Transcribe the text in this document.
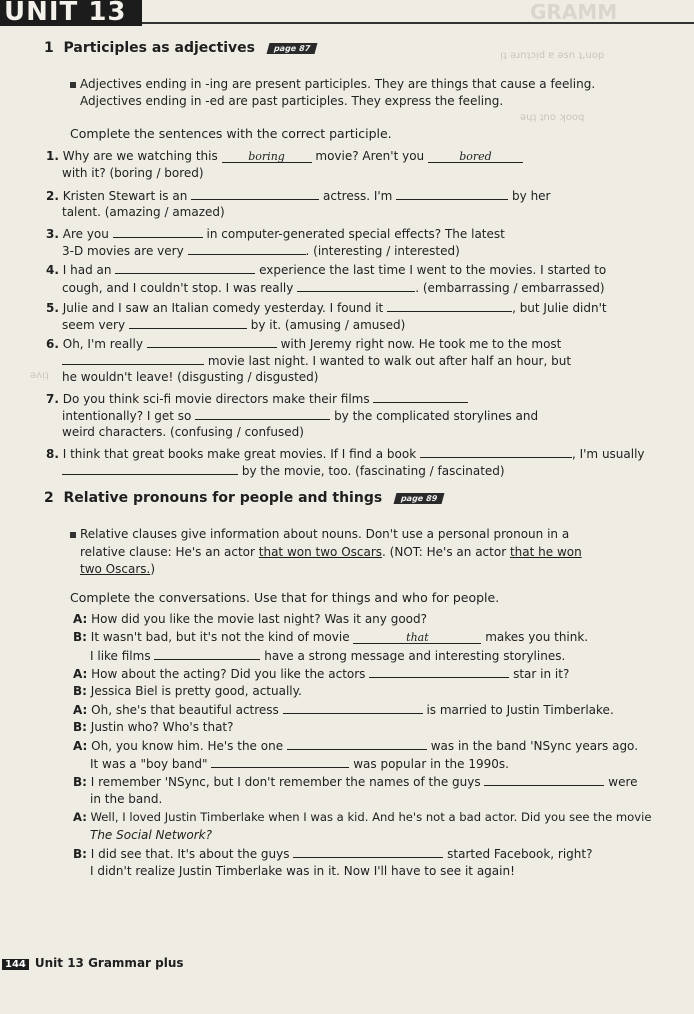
UNIT 13	GRAMM
ᴉʇ ǝɹnʇɔᴉd ɐ ǝsn ʇ,uop
ǝɥʇ ʇno ʞooq
ǝʌᴉʇ
1 Participles as adjectives page 87
Adjectives ending in -ing are present participles. They are things that cause a feeling.
Adjectives ending in -ed are past participles. They express the feeling.
Complete the sentences with the correct participle.
1. Why are we watching this	boring	movie? Aren't you	bored
with it? (boring / bored)
2. Kristen Stewart is an	actress. I'm	by her
talent. (amazing / amazed)
3. Are you	in computer-generated special effects? The latest
3-D movies are very	. (interesting / interested)
4. I had an	experience the last time I went to the movies. I started to
cough, and I couldn't stop. I was really	. (embarrassing / embarrassed)
5. Julie and I saw an Italian comedy yesterday. I found it	, but Julie didn't
seem very	by it. (amusing / amused)
6. Oh, I'm really	with Jeremy right now. He took me to the most
movie last night. I wanted to walk out after half an hour, but
he wouldn't leave! (disgusting / disgusted)
7. Do you think sci-fi movie directors make their films
intentionally? I get so	by the complicated storylines and
weird characters. (confusing / confused)
8. I think that great books make great movies. If I find a book	, I'm usually
by the movie, too. (fascinating / fascinated)
2 Relative pronouns for people and things page 89
Relative clauses give information about nouns. Don't use a personal pronoun in a
relative clause: He's an actor that won two Oscars. (NOT: He's an actor that he won
two Oscars.)
Complete the conversations. Use that for things and who for people.
A: How did you like the movie last night? Was it any good?
B: It wasn't bad, but it's not the kind of movie	that	makes you think.
I like films	have a strong message and interesting storylines.
A: How about the acting? Did you like the actors	star in it?
B: Jessica Biel is pretty good, actually.
A: Oh, she's that beautiful actress	is married to Justin Timberlake.
B: Justin who? Who's that?
A: Oh, you know him. He's the one	was in the band 'NSync years ago.
It was a "boy band"	was popular in the 1990s.
B: I remember 'NSync, but I don't remember the names of the guys	were
in the band.
A: Well, I loved Justin Timberlake when I was a kid. And he's not a bad actor. Did you see the movie
The Social Network?
B: I did see that. It's about the guys	started Facebook, right?
I didn't realize Justin Timberlake was in it. Now I'll have to see it again!
144 Unit 13 Grammar plus
